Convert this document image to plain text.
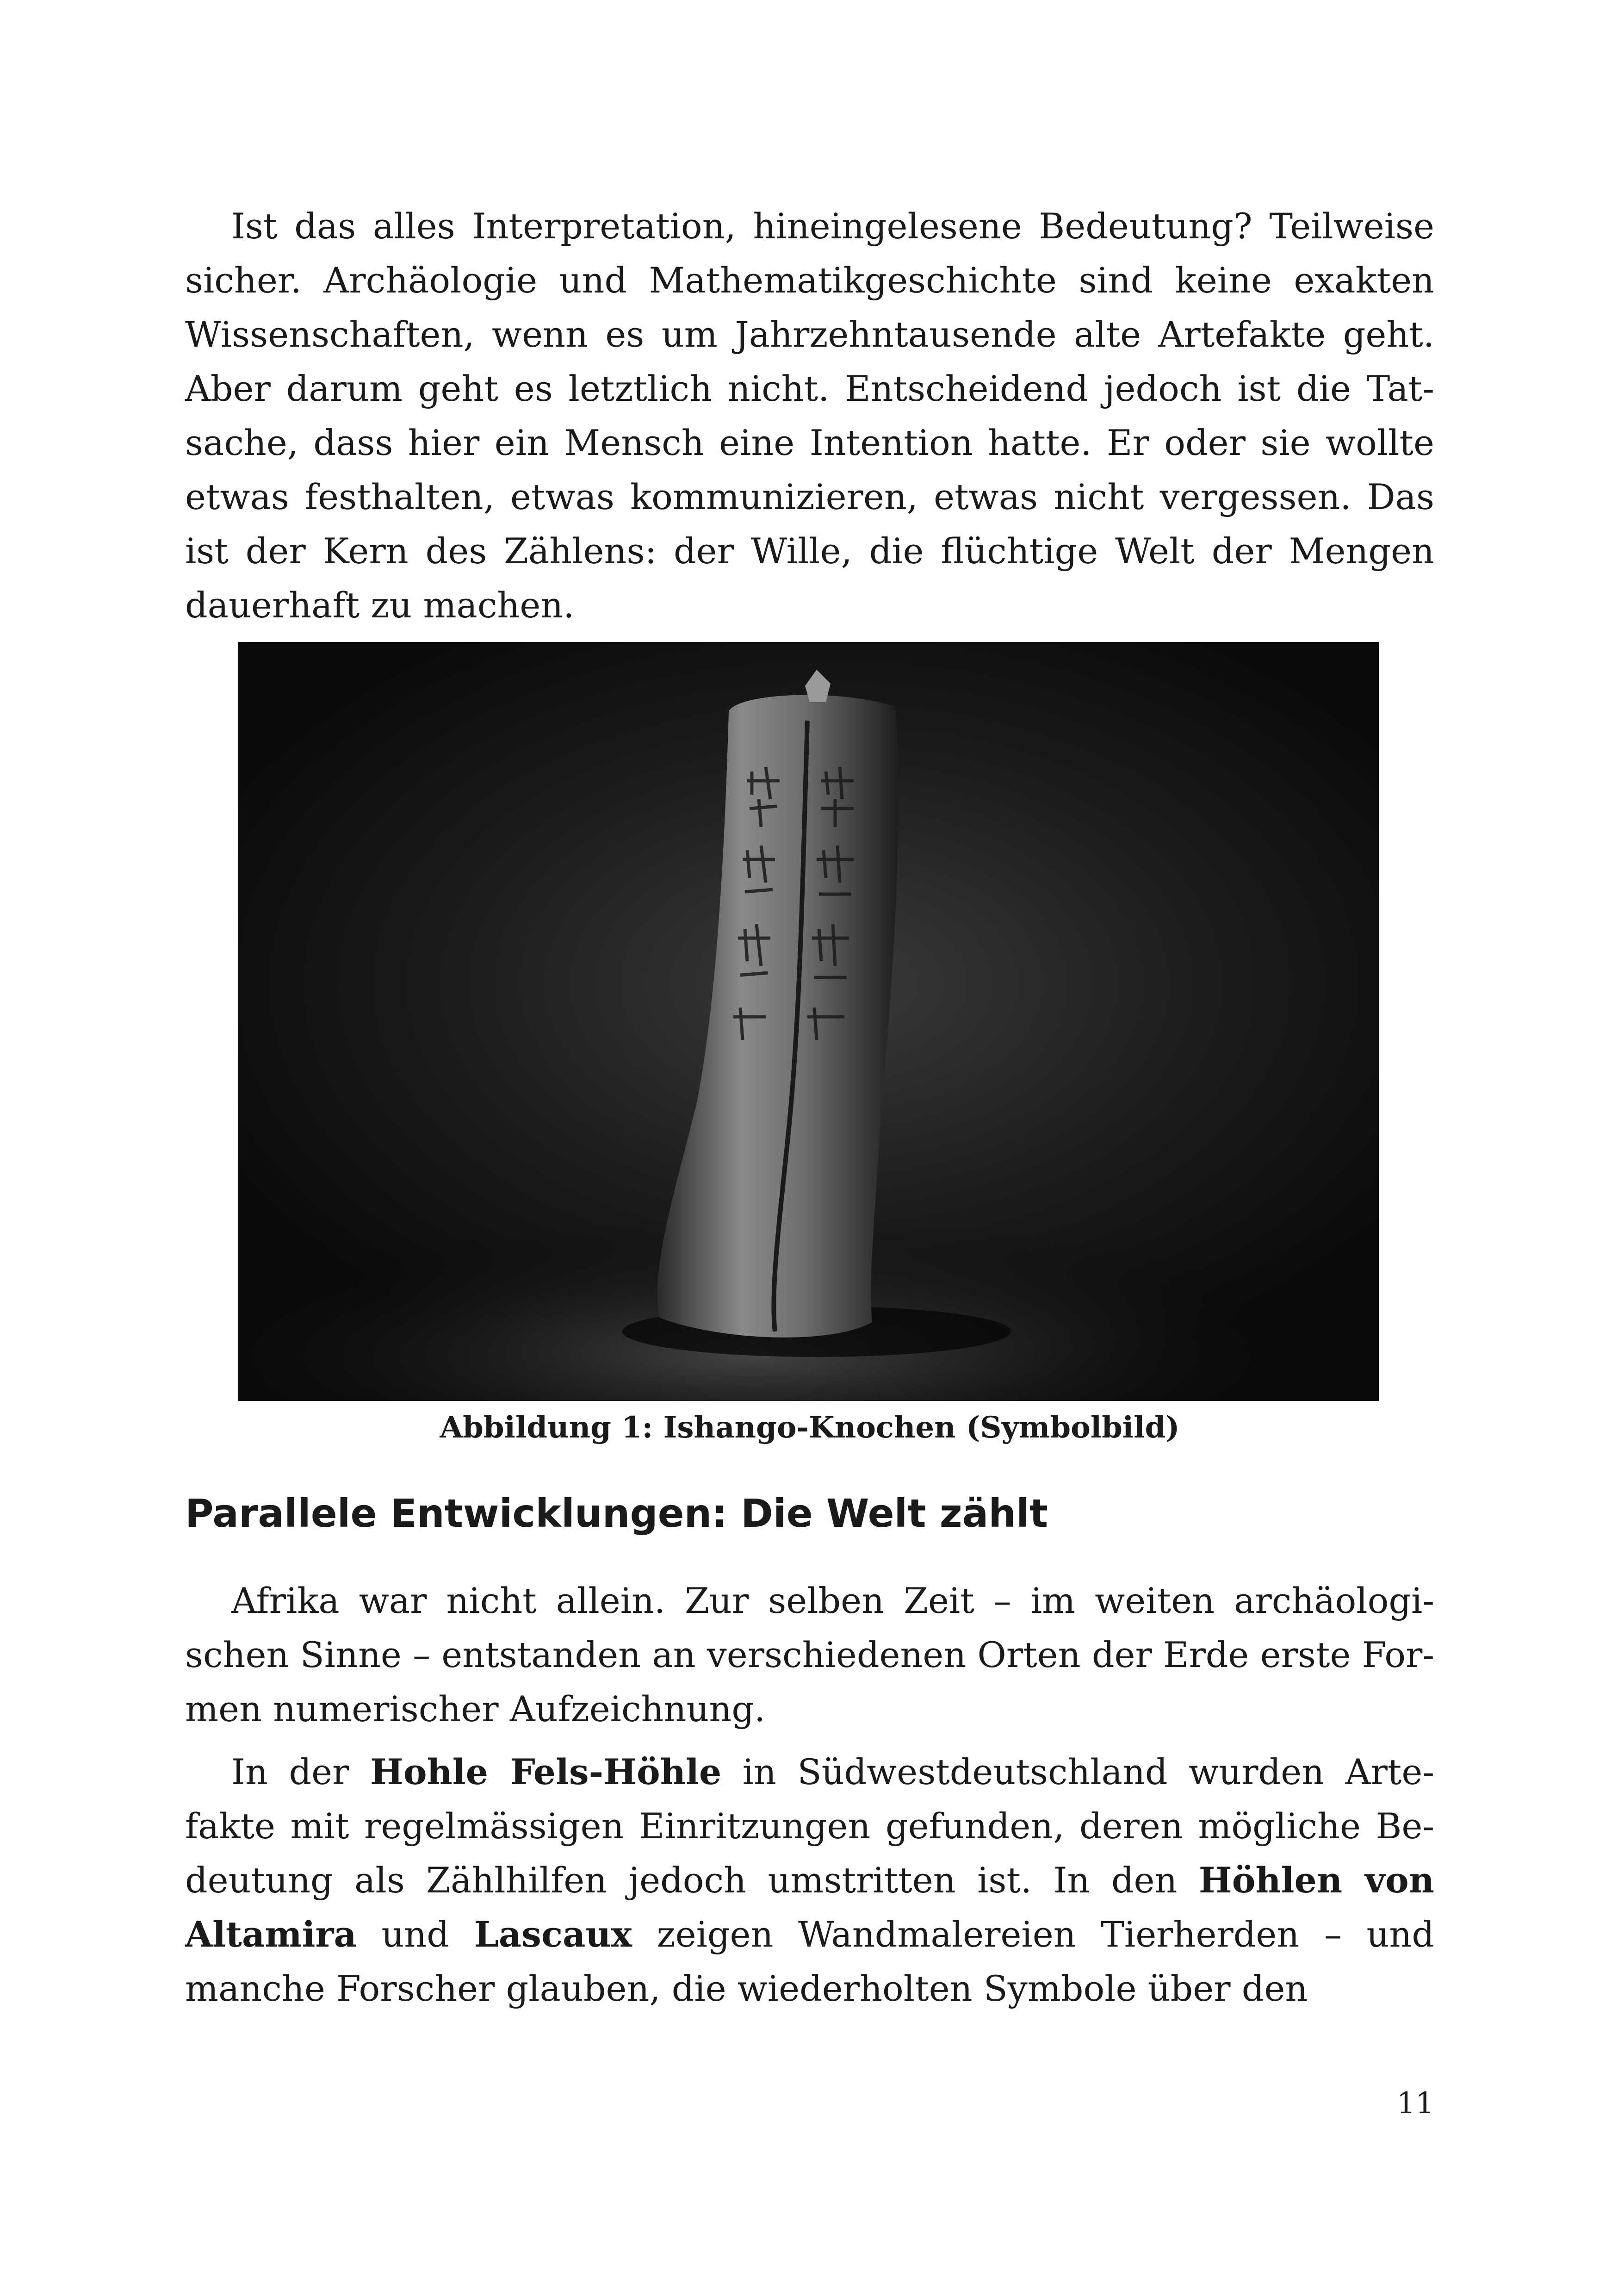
Ist das alles Interpretation, hineingelesene Bedeutung? Teilweise sicher. Archäologie und Mathematikgeschichte sind keine exakten Wissenschaften, wenn es um Jahrzehntausende alte Artefakte geht. Aber darum geht es letztlich nicht. Entscheidend jedoch ist die Tatsache, dass hier ein Mensch eine Intention hatte. Er oder sie wollte etwas festhalten, etwas kommunizieren, etwas nicht vergessen. Das ist der Kern des Zählens: der Wille, die flüchtige Welt der Mengen dauerhaft zu machen.

Abbildung 1: Ishango-Knochen (Symbolbild)
Parallele Entwicklungen: Die Welt zählt

Afrika war nicht allein. Zur selben Zeit – im weiten archäologischen Sinne – entstanden an verschiedenen Orten der Erde erste Formen numerischer Aufzeichnung.

In der Hohle Fels-Höhle in Südwestdeutschland wurden Artefakte mit regelmässigen Einritzungen gefunden, deren mögliche Bedeutung als Zählhilfen jedoch umstritten ist. In den Höhlen von Altamira und Lascaux zeigen Wandmalereien Tierherden – und manche Forscher glauben, die wiederholten Symbole über den

11
